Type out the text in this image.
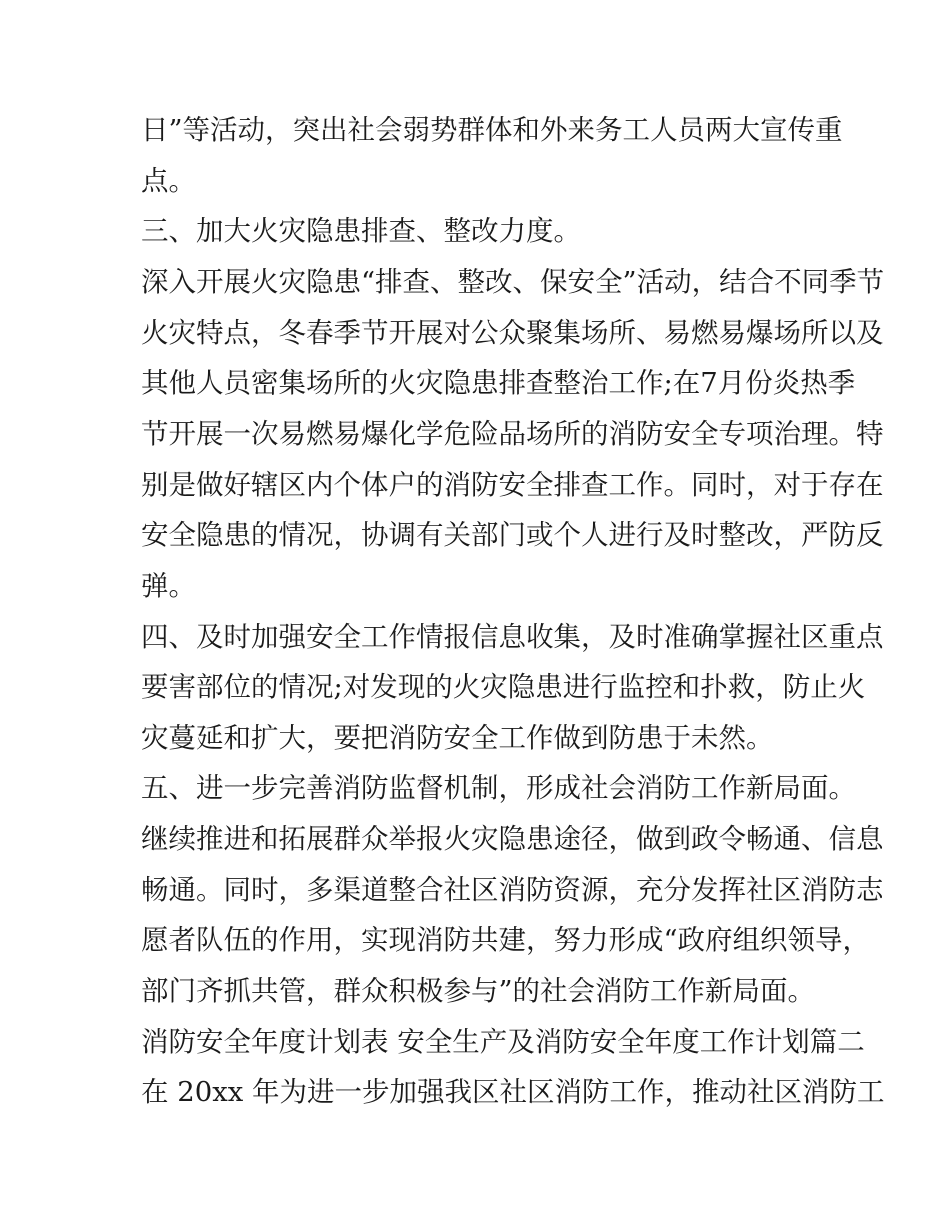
日”等活动，突出社会弱势群体和外来务工人员两大宣传重
点。
三、加大火灾隐患排查、整改力度。
深入开展火灾隐患“排查、整改、保安全”活动，结合不同季节
火灾特点，冬春季节开展对公众聚集场所、易燃易爆场所以及
其他人员密集场所的火灾隐患排查整治工作;在7月份炎热季
节开展一次易燃易爆化学危险品场所的消防安全专项治理。特
别是做好辖区内个体户的消防安全排查工作。同时，对于存在
安全隐患的情况，协调有关部门或个人进行及时整改，严防反
弹。
四、及时加强安全工作情报信息收集，及时准确掌握社区重点
要害部位的情况;对发现的火灾隐患进行监控和扑救，防止火
灾蔓延和扩大，要把消防安全工作做到防患于未然。
五、进一步完善消防监督机制，形成社会消防工作新局面。
继续推进和拓展群众举报火灾隐患途径，做到政令畅通、信息
畅通。同时，多渠道整合社区消防资源，充分发挥社区消防志
愿者队伍的作用，实现消防共建，努力形成“政府组织领导，
部门齐抓共管，群众积极参与”的社会消防工作新局面。
消防安全年度计划表 安全生产及消防安全年度工作计划篇二
在 20xx 年为进一步加强我区社区消防工作，推动社区消防工
